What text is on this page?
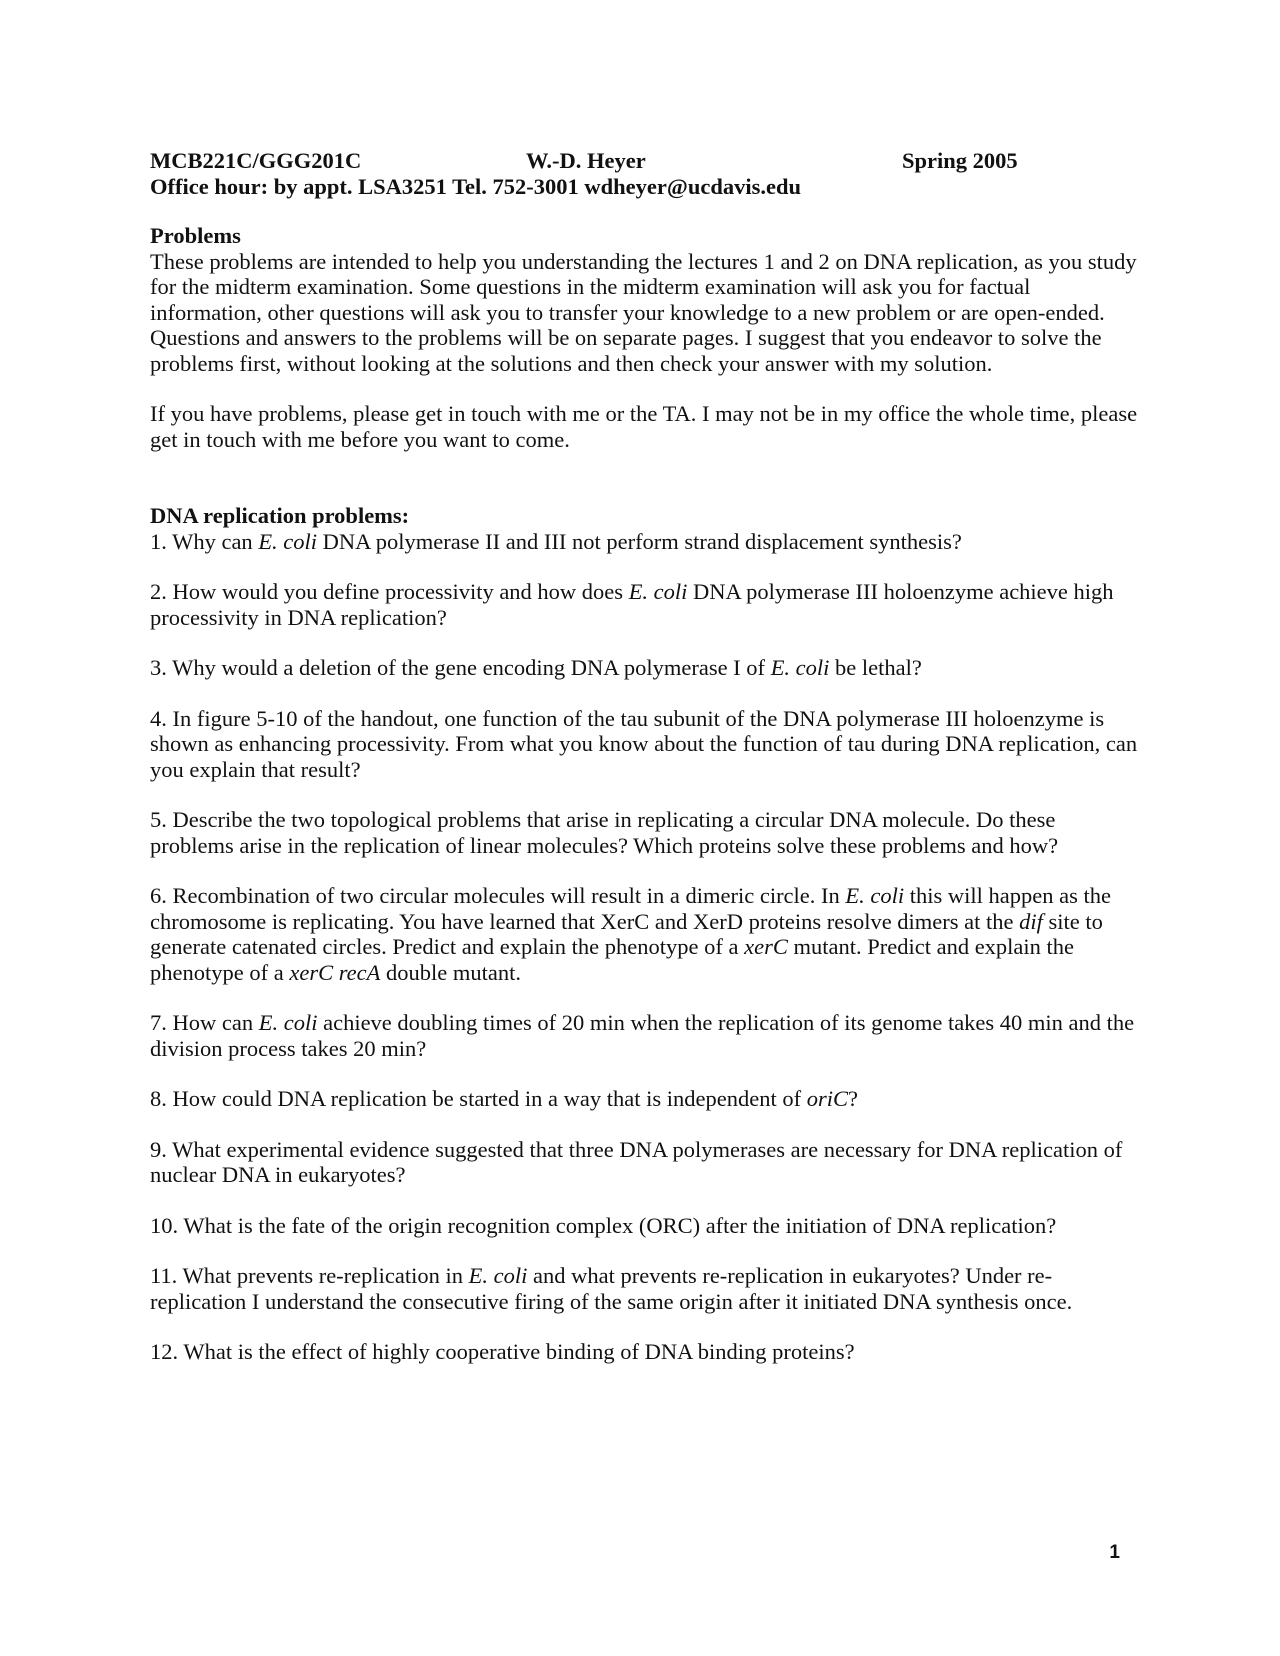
MCB221C/GGG201C	W.-D. Heyer	Spring 2005
Office hour: by appt. LSA3251 Tel. 752-3001 wdheyer@ucdavis.edu
Problems

These problems are intended to help you understanding the lectures 1 and 2 on DNA replication, as you study for the midterm examination. Some questions in the midterm examination will ask you for factual information, other questions will ask you to transfer your knowledge to a new problem or are open-ended. Questions and answers to the problems will be on separate pages. I suggest that you endeavor to solve the problems first, without looking at the solutions and then check your answer with my solution.

If you have problems, please get in touch with me or the TA. I may not be in my office the whole time, please get in touch with me before you want to come.

DNA replication problems:
1. Why can E. coli DNA polymerase II and III not perform strand displacement synthesis?
2. How would you define processivity and how does E. coli DNA polymerase III holoenzyme achieve high processivity in DNA replication?
3. Why would a deletion of the gene encoding DNA polymerase I of E. coli be lethal?
4. In figure 5-10 of the handout, one function of the tau subunit of the DNA polymerase III holoenzyme is shown as enhancing processivity. From what you know about the function of tau during DNA replication, can you explain that result?
5. Describe the two topological problems that arise in replicating a circular DNA molecule. Do these problems arise in the replication of linear molecules? Which proteins solve these problems and how?
6. Recombination of two circular molecules will result in a dimeric circle. In E. coli this will happen as the chromosome is replicating. You have learned that XerC and XerD proteins resolve dimers at the dif site to generate catenated circles. Predict and explain the phenotype of a xerC mutant. Predict and explain the phenotype of a xerC recA double mutant.
7. How can E. coli achieve doubling times of 20 min when the replication of its genome takes 40 min and the division process takes 20 min?
8. How could DNA replication be started in a way that is independent of oriC?
9. What experimental evidence suggested that three DNA polymerases are necessary for DNA replication of nuclear DNA in eukaryotes?
10. What is the fate of the origin recognition complex (ORC) after the initiation of DNA replication?
11. What prevents re-replication in E. coli and what prevents re-replication in eukaryotes? Under re-replication I understand the consecutive firing of the same origin after it initiated DNA synthesis once.
12. What is the effect of highly cooperative binding of DNA binding proteins?
1
